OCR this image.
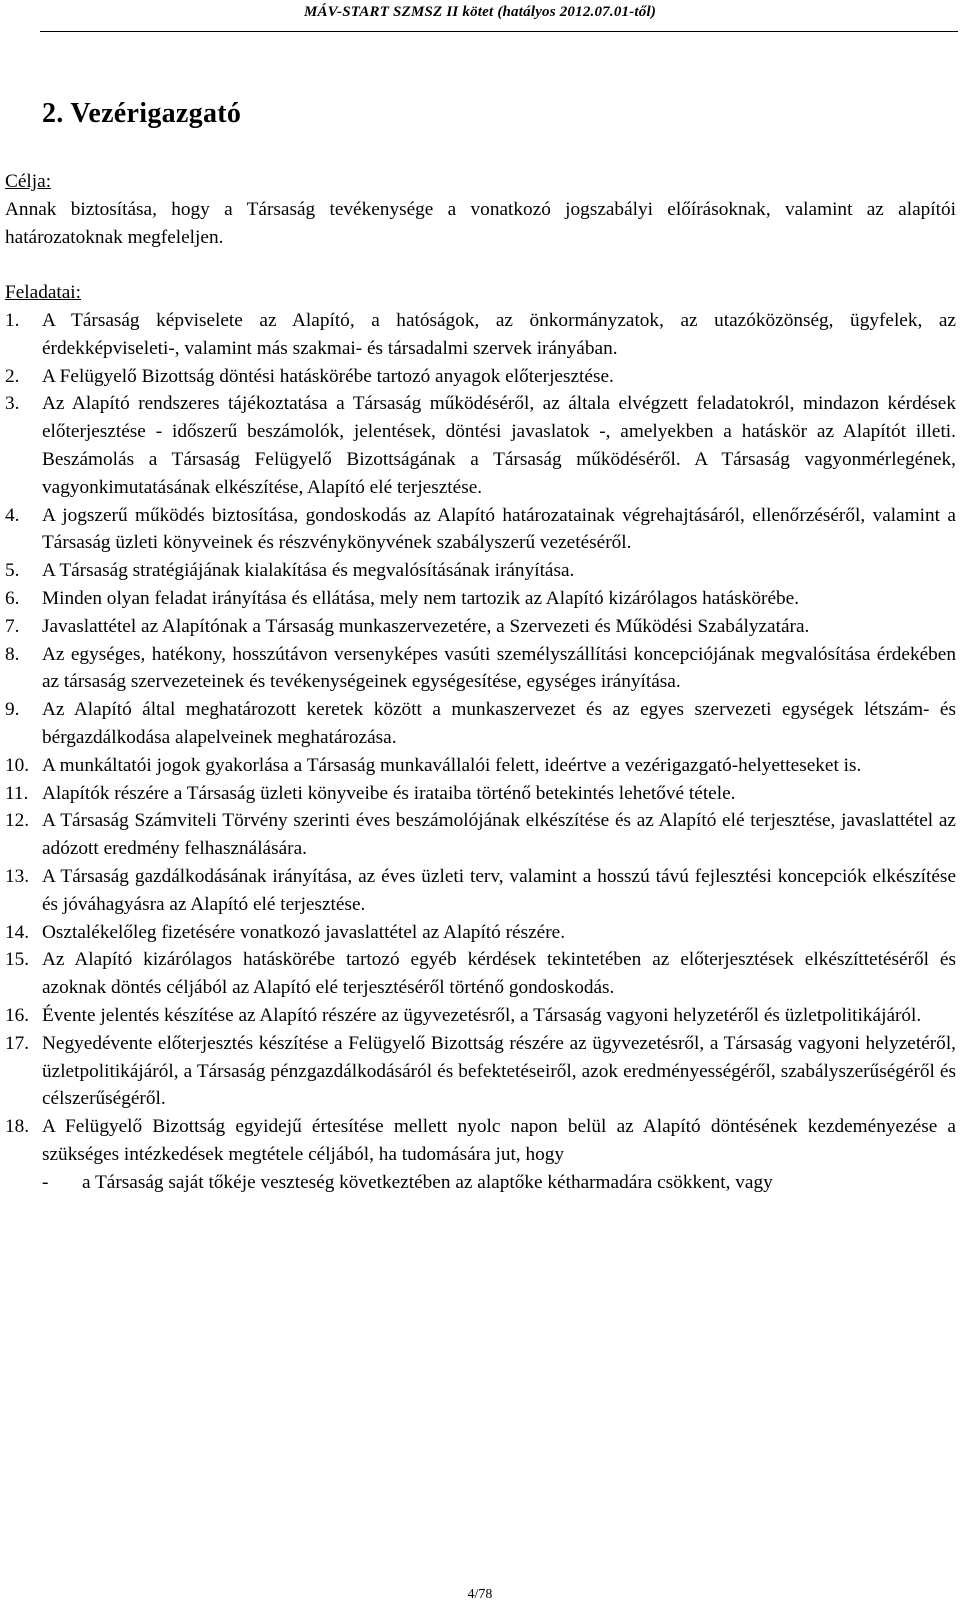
MÁV-START SZMSZ II kötet (hatályos 2012.07.01-től)
2. Vezérigazgató

Célja:

Annak biztosítása, hogy a Társaság tevékenysége a vonatkozó jogszabályi előírásoknak, valamint az alapítói határozatoknak megfeleljen.

Feladatai:

1. A Társaság képviselete az Alapító, a hatóságok, az önkormányzatok, az utazóközönség, ügyfelek, az érdekképviseleti-, valamint más szakmai- és társadalmi szervek irányában.
2. A Felügyelő Bizottság döntési hatáskörébe tartozó anyagok előterjesztése.
3. Az Alapító rendszeres tájékoztatása a Társaság működéséről, az általa elvégzett feladatokról, mindazon kérdések előterjesztése - időszerű beszámolók, jelentések, döntési javaslatok -, amelyekben a hatáskör az Alapítót illeti. Beszámolás a Társaság Felügyelő Bizottságának a Társaság működéséről. A Társaság vagyonmérlegének, vagyonkimutatásának elkészítése, Alapító elé terjesztése.
4. A jogszerű működés biztosítása, gondoskodás az Alapító határozatainak végrehajtásáról, ellenőrzéséről, valamint a Társaság üzleti könyveinek és részvénykönyvének szabályszerű vezetéséről.
5. A Társaság stratégiájának kialakítása és megvalósításának irányítása.
6. Minden olyan feladat irányítása és ellátása, mely nem tartozik az Alapító kizárólagos hatáskörébe.
7. Javaslattétel az Alapítónak a Társaság munkaszervezetére, a Szervezeti és Működési Szabályzatára.
8. Az egységes, hatékony, hosszútávon versenyképes vasúti személyszállítási koncepciójának megvalósítása érdekében az társaság szervezeteinek és tevékenységeinek egységesítése, egységes irányítása.
9. Az Alapító által meghatározott keretek között a munkaszervezet és az egyes szervezeti egységek létszám- és bérgazdálkodása alapelveinek meghatározása.
10. A munkáltatói jogok gyakorlása a Társaság munkavállalói felett, ideértve a vezérigazgató-helyetteseket is.
11. Alapítók részére a Társaság üzleti könyveibe és irataiba történő betekintés lehetővé tétele.
12. A Társaság Számviteli Törvény szerinti éves beszámolójának elkészítése és az Alapító elé terjesztése, javaslattétel az adózott eredmény felhasználására.
13. A Társaság gazdálkodásának irányítása, az éves üzleti terv, valamint a hosszú távú fejlesztési koncepciók elkészítése és jóváhagyásra az Alapító elé terjesztése.
14. Osztalékelőleg fizetésére vonatkozó javaslattétel az Alapító részére.
15. Az Alapító kizárólagos hatáskörébe tartozó egyéb kérdések tekintetében az előterjesztések elkészíttetéséről és azoknak döntés céljából az Alapító elé terjesztéséről történő gondoskodás.
16. Évente jelentés készítése az Alapító részére az ügyvezetésről, a Társaság vagyoni helyzetéről és üzletpolitikájáról.
17. Negyedévente előterjesztés készítése a Felügyelő Bizottság részére az ügyvezetésről, a Társaság vagyoni helyzetéről, üzletpolitikájáról, a Társaság pénzgazdálkodásáról és befektetéseiről, azok eredményességéről, szabályszerűségéről és célszerűségéről.
18. A Felügyelő Bizottság egyidejű értesítése mellett nyolc napon belül az Alapító döntésének kezdeményezése a szükséges intézkedések megtétele céljából, ha tudomására jut, hogy

- a Társaság saját tőkéje veszteség következtében az alaptőke kétharmadára csökkent, vagy

4/78
